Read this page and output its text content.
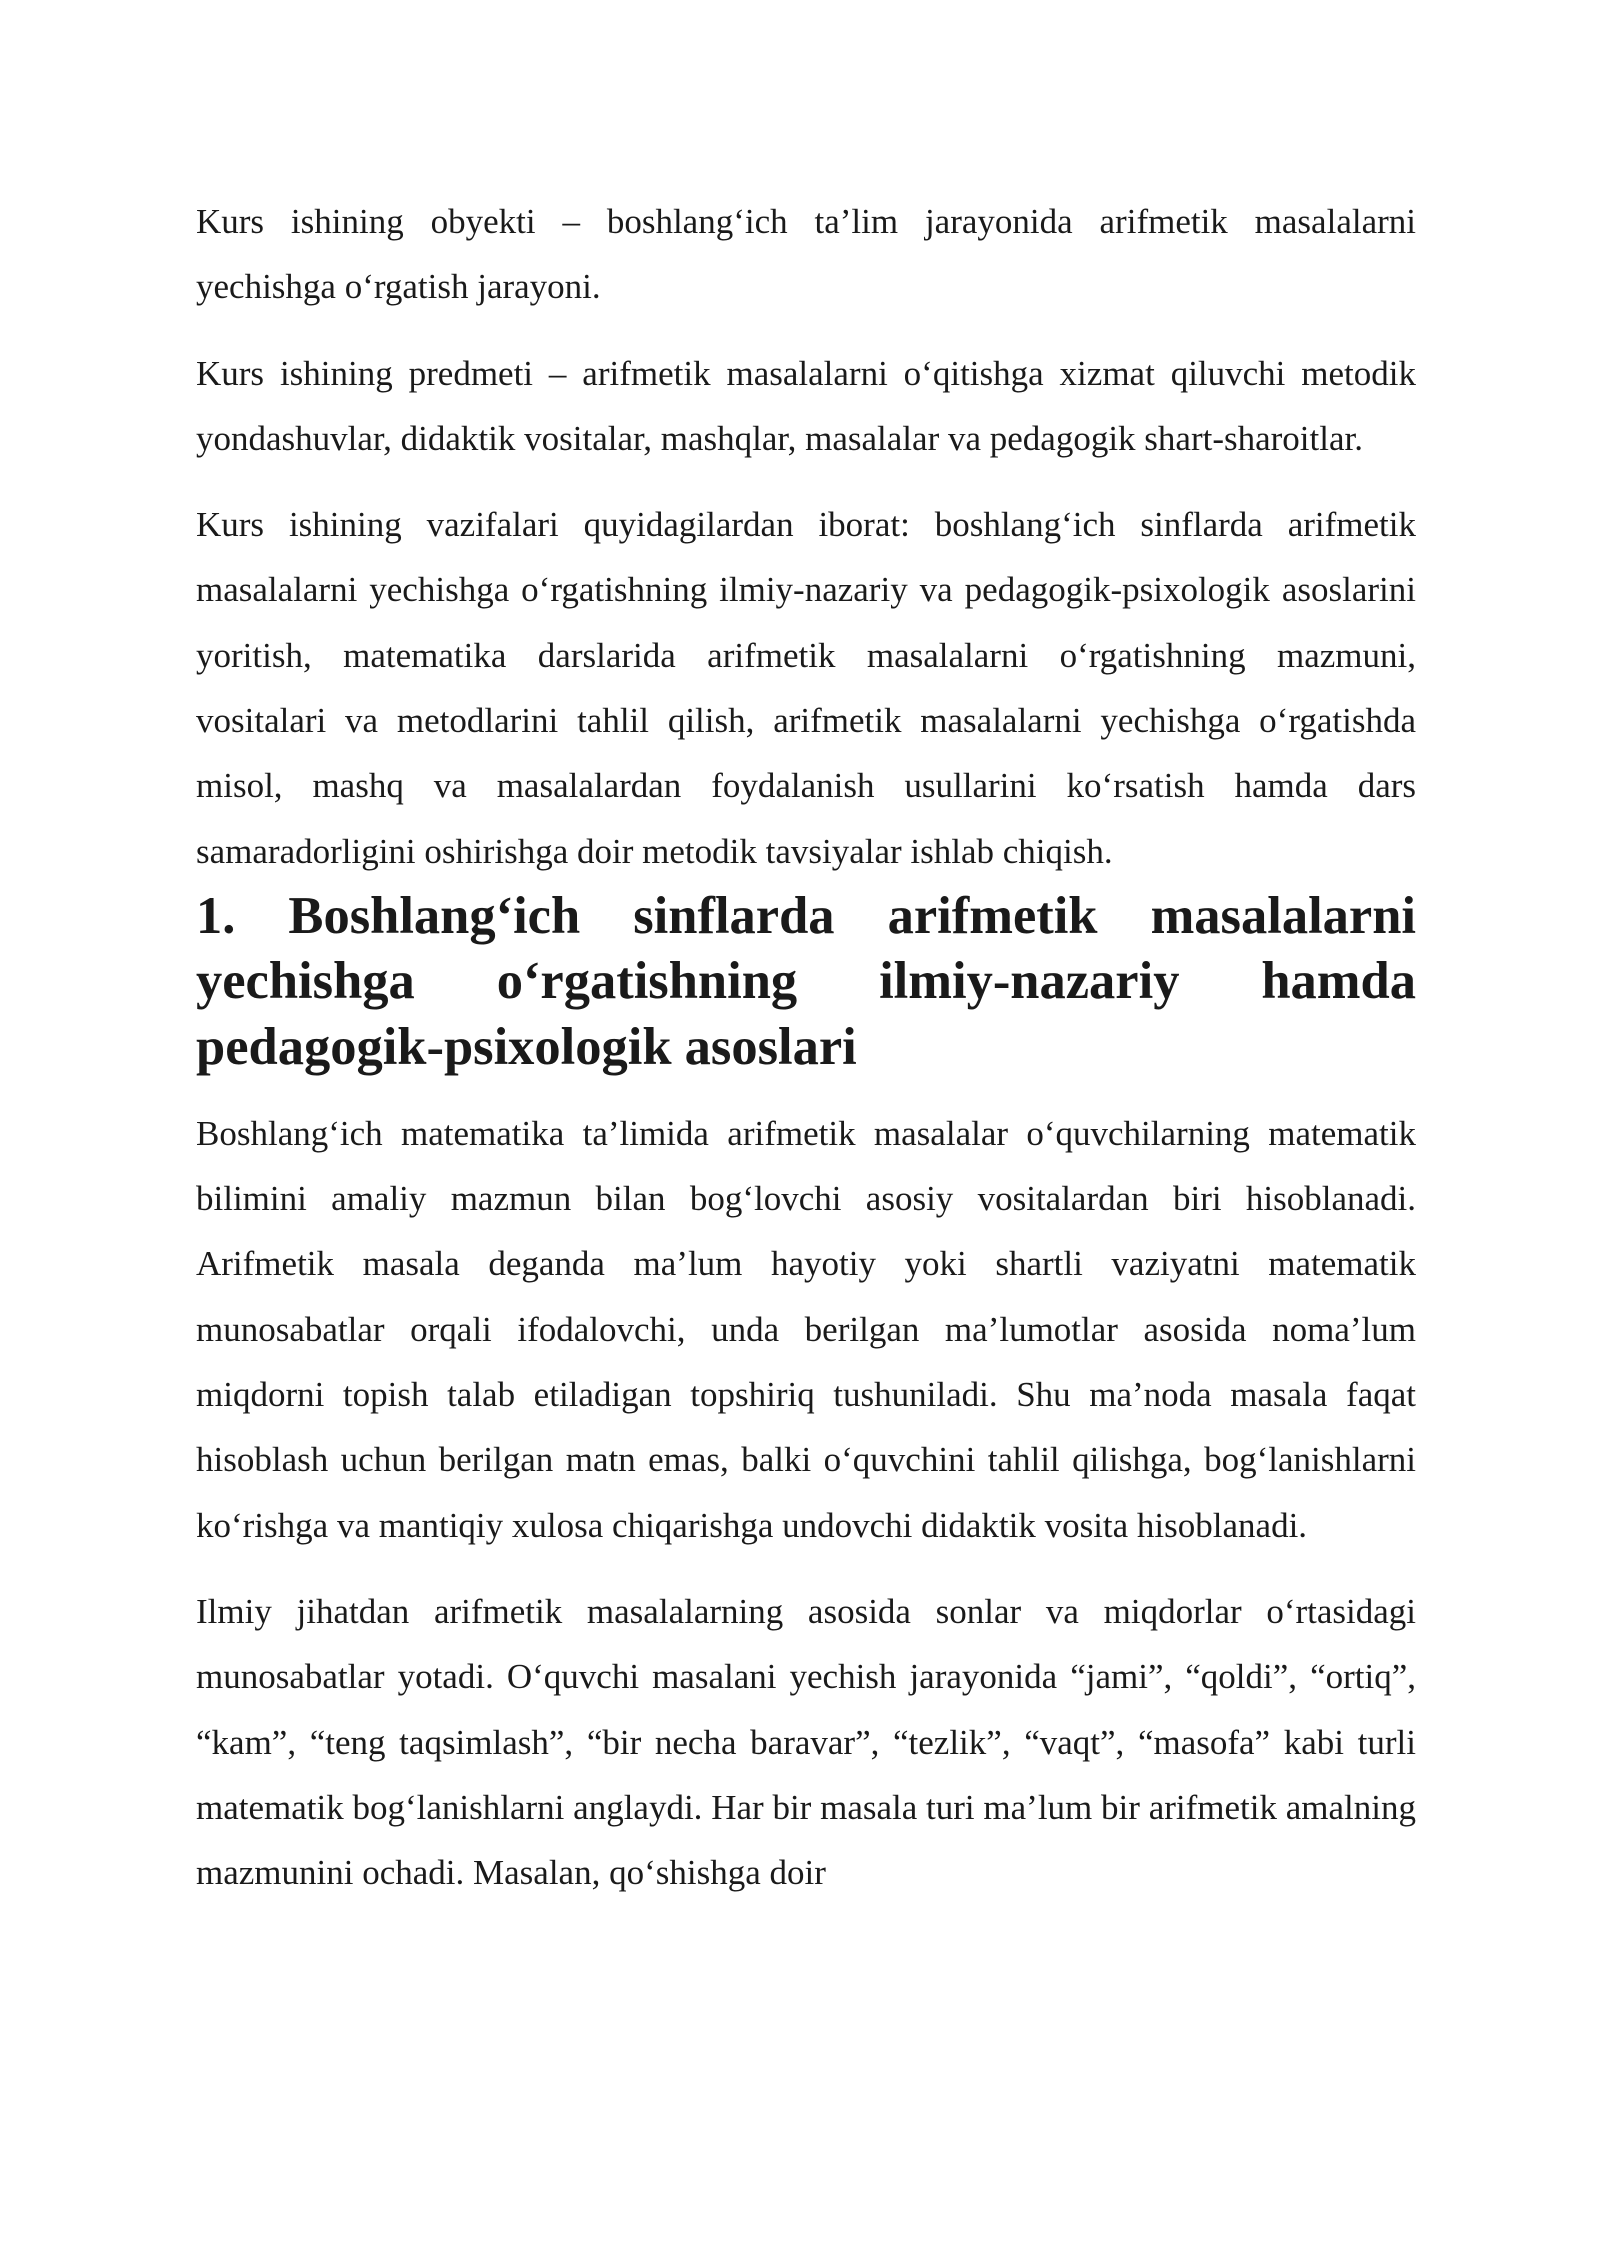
Kurs ishining obyekti – boshlang‘ich ta’lim jarayonida arifmetik masalalarni yechishga o‘rgatish jarayoni.

Kurs ishining predmeti – arifmetik masalalarni o‘qitishga xizmat qiluvchi metodik yondashuvlar, didaktik vositalar, mashqlar, masalalar va pedagogik shart-sharoitlar.

Kurs ishining vazifalari quyidagilardan iborat: boshlang‘ich sinflarda arifmetik masalalarni yechishga o‘rgatishning ilmiy-nazariy va pedagogik-psixologik asoslarini yoritish, matematika darslarida arifmetik masalalarni o‘rgatishning mazmuni, vositalari va metodlarini tahlil qilish, arifmetik masalalarni yechishga o‘rgatishda misol, mashq va masalalardan foydalanish usullarini ko‘rsatish hamda dars samaradorligini oshirishga doir metodik tavsiyalar ishlab chiqish.

1. Boshlang‘ich sinflarda arifmetik masalalarni yechishga o‘rgatishning ilmiy-nazariy hamda pedagogik-psixologik asoslari

Boshlang‘ich matematika ta’limida arifmetik masalalar o‘quvchilarning matematik bilimini amaliy mazmun bilan bog‘lovchi asosiy vositalardan biri hisoblanadi. Arifmetik masala deganda ma’lum hayotiy yoki shartli vaziyatni matematik munosabatlar orqali ifodalovchi, unda berilgan ma’lumotlar asosida noma’lum miqdorni topish talab etiladigan topshiriq tushuniladi. Shu ma’noda masala faqat hisoblash uchun berilgan matn emas, balki o‘quvchini tahlil qilishga, bog‘lanishlarni ko‘rishga va mantiqiy xulosa chiqarishga undovchi didaktik vosita hisoblanadi.

Ilmiy jihatdan arifmetik masalalarning asosida sonlar va miqdorlar o‘rtasidagi munosabatlar yotadi. O‘quvchi masalani yechish jarayonida “jami”, “qoldi”, “ortiq”, “kam”, “teng taqsimlash”, “bir necha baravar”, “tezlik”, “vaqt”, “masofa” kabi turli matematik bog‘lanishlarni anglaydi. Har bir masala turi ma’lum bir arifmetik amalning mazmunini ochadi. Masalan, qo‘shishga doir
